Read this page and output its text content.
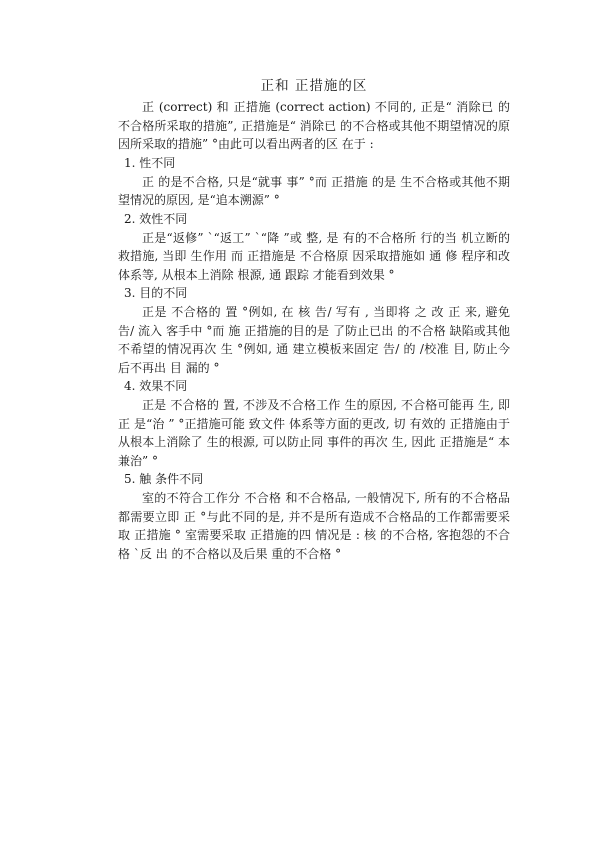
正和 正措施的区

正 (correct) 和 正措施 (correct action) 不同的, 正是“ 消除已 的不合格所采取的措施”, 正措施是“ 消除已 的不合格或其他不期望情况的原因所采取的措施” °由此可以看出两者的区 在于 :

1. 性不同

正 的是不合格, 只是“就事 事” °而 正措施 的是 生不合格或其他不期望情况的原因, 是“追本溯源” °

2. 效性不同

正是“返修” `“返工” `“降 ”或 整, 是 有的不合格所 行的当 机立断的 救措施, 当即 生作用 而 正措施是 不合格原 因采取措施如 通 修 程序和改 体系等, 从根本上消除 根源, 通 跟踪 才能看到效果 °

3. 目的不同

正是 不合格的 置 °例如, 在 核 告/ 写有 , 当即将 之 改 正 来, 避免 告/ 流入 客手中 °而 施 正措施的目的是 了防止已出 的不合格 缺陷或其他不希望的情况再次 生 °例如, 通 建立模板来固定 告/ 的 /校准 目, 防止今后不再出 目 漏的 °

4. 效果不同

正是 不合格的 置, 不涉及不合格工作 生的原因, 不合格可能再 生, 即 正 是“治 ” °正措施可能 致文件 体系等方面的更改, 切 有效的 正措施由于从根本上消除了 生的根源, 可以防止同 事件的再次 生, 因此 正措施是“ 本兼治” °

5. 触 条件不同

室的不符合工作分 不合格 和不合格品, 一般情况下, 所有的不合格品都需要立即 正 °与此不同的是, 并不是所有造成不合格品的工作都需要采取 正措施 ° 室需要采取 正措施的四 情况是 : 核 的不合格, 客抱怨的不合格 `反 出 的不合格以及后果 重的不合格 °
